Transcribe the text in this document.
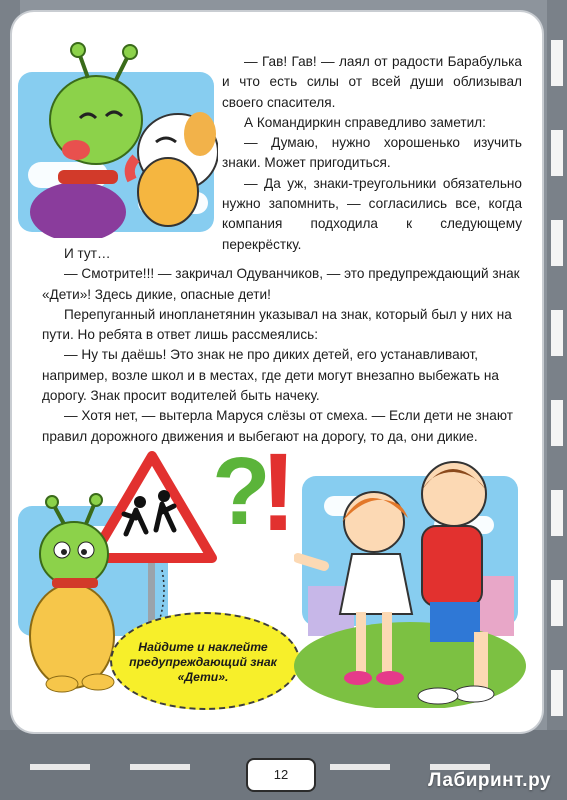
— Гав! Гав! — лаял от радости Барабулька и что есть силы от всей души облизывал своего спасителя.

А Командиркин справедливо заметил:

— Думаю, нужно хорошенько изучить знаки. Может пригодиться.

— Да уж, знаки-треугольники обязательно нужно запомнить, — согласились все, когда компания подходила к следующему перекрёстку.

И тут…

— Смотрите!!! — закричал Одуванчиков, — это предупреждающий знак «Дети»! Здесь дикие, опасные дети!

Перепуганный инопланетянин указывал на знак, который был у них на пути. Но ребята в ответ лишь рассмеялись:

— Ну ты даёшь! Это знак не про диких детей, его устанавливают, например, возле школ и в местах, где дети могут внезапно выбежать на дорогу. Знак просит водителей быть начеку.

— Хотя нет, — вытерла Маруся слёзы от смеха. — Если дети не знают правил дорожного движения и выбегают на дорогу, то да, они дикие.

?
!
Найдите и наклейте
предупреждающий знак
«Дети».
12	Лабиринт.ру
